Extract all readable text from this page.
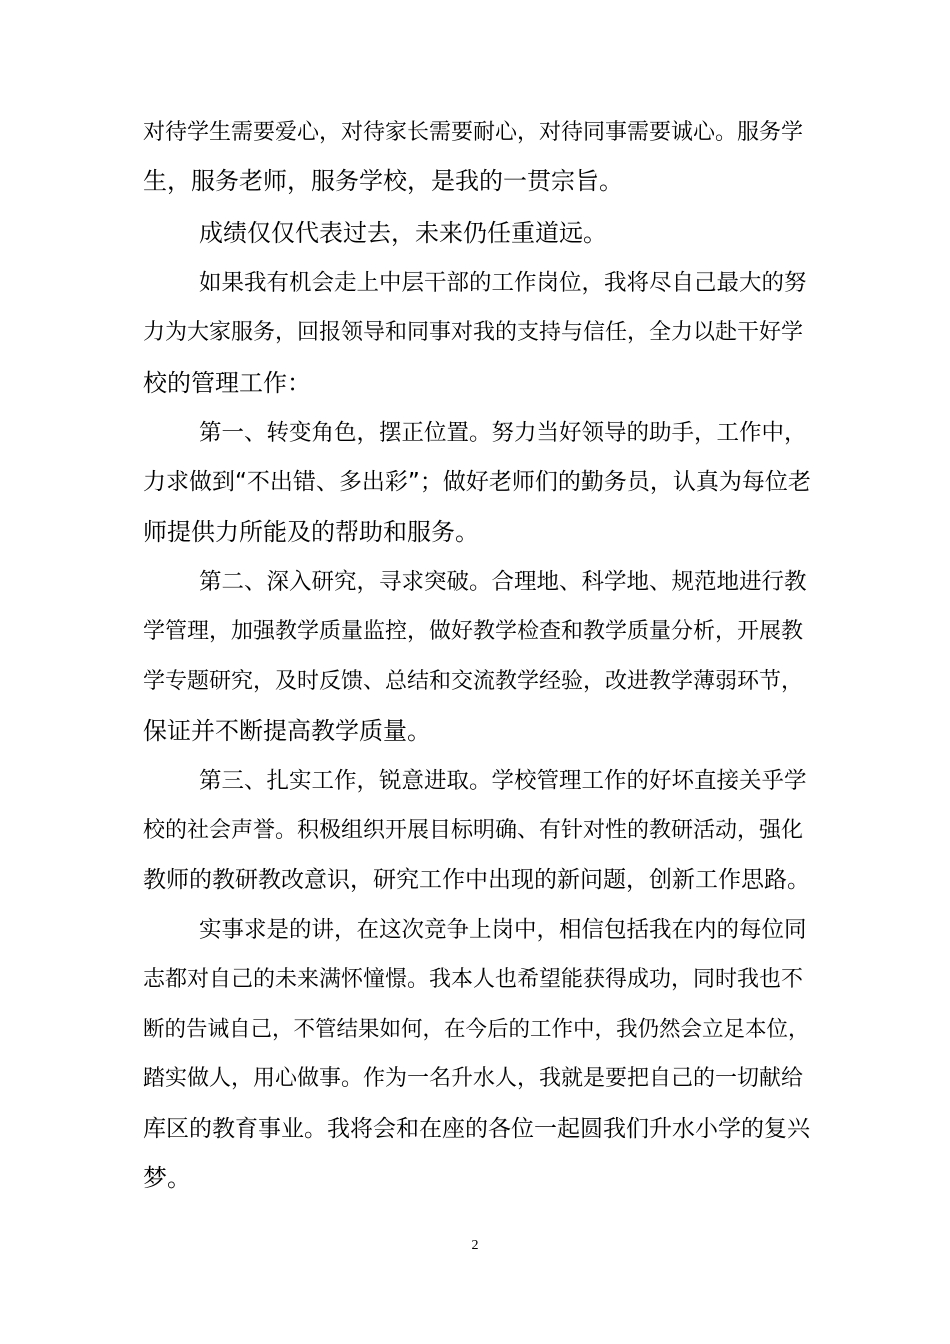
对待学生需要爱心，对待家长需要耐心，对待同事需要诚心。服务学

生，服务老师，服务学校，是我的一贯宗旨。

成绩仅仅代表过去，未来仍任重道远。

如果我有机会走上中层干部的工作岗位，我将尽自己最大的努

力为大家服务，回报领导和同事对我的支持与信任，全力以赴干好学

校的管理工作：

第一、转变角色，摆正位置。努力当好领导的助手，工作中，

力求做到“不出错、多出彩”；做好老师们的勤务员，认真为每位老

师提供力所能及的帮助和服务。

第二、深入研究，寻求突破。合理地、科学地、规范地进行教

学管理，加强教学质量监控，做好教学检查和教学质量分析，开展教

学专题研究，及时反馈、总结和交流教学经验，改进教学薄弱环节，

保证并不断提高教学质量。

第三、扎实工作，锐意进取。学校管理工作的好坏直接关乎学

校的社会声誉。积极组织开展目标明确、有针对性的教研活动，强化

教师的教研教改意识，研究工作中出现的新问题，创新工作思路。

实事求是的讲，在这次竞争上岗中，相信包括我在内的每位同

志都对自己的未来满怀憧憬。我本人也希望能获得成功，同时我也不

断的告诫自己，不管结果如何，在今后的工作中，我仍然会立足本位，

踏实做人，用心做事。作为一名升水人，我就是要把自己的一切献给

库区的教育事业。我将会和在座的各位一起圆我们升水小学的复兴

梦。

2
